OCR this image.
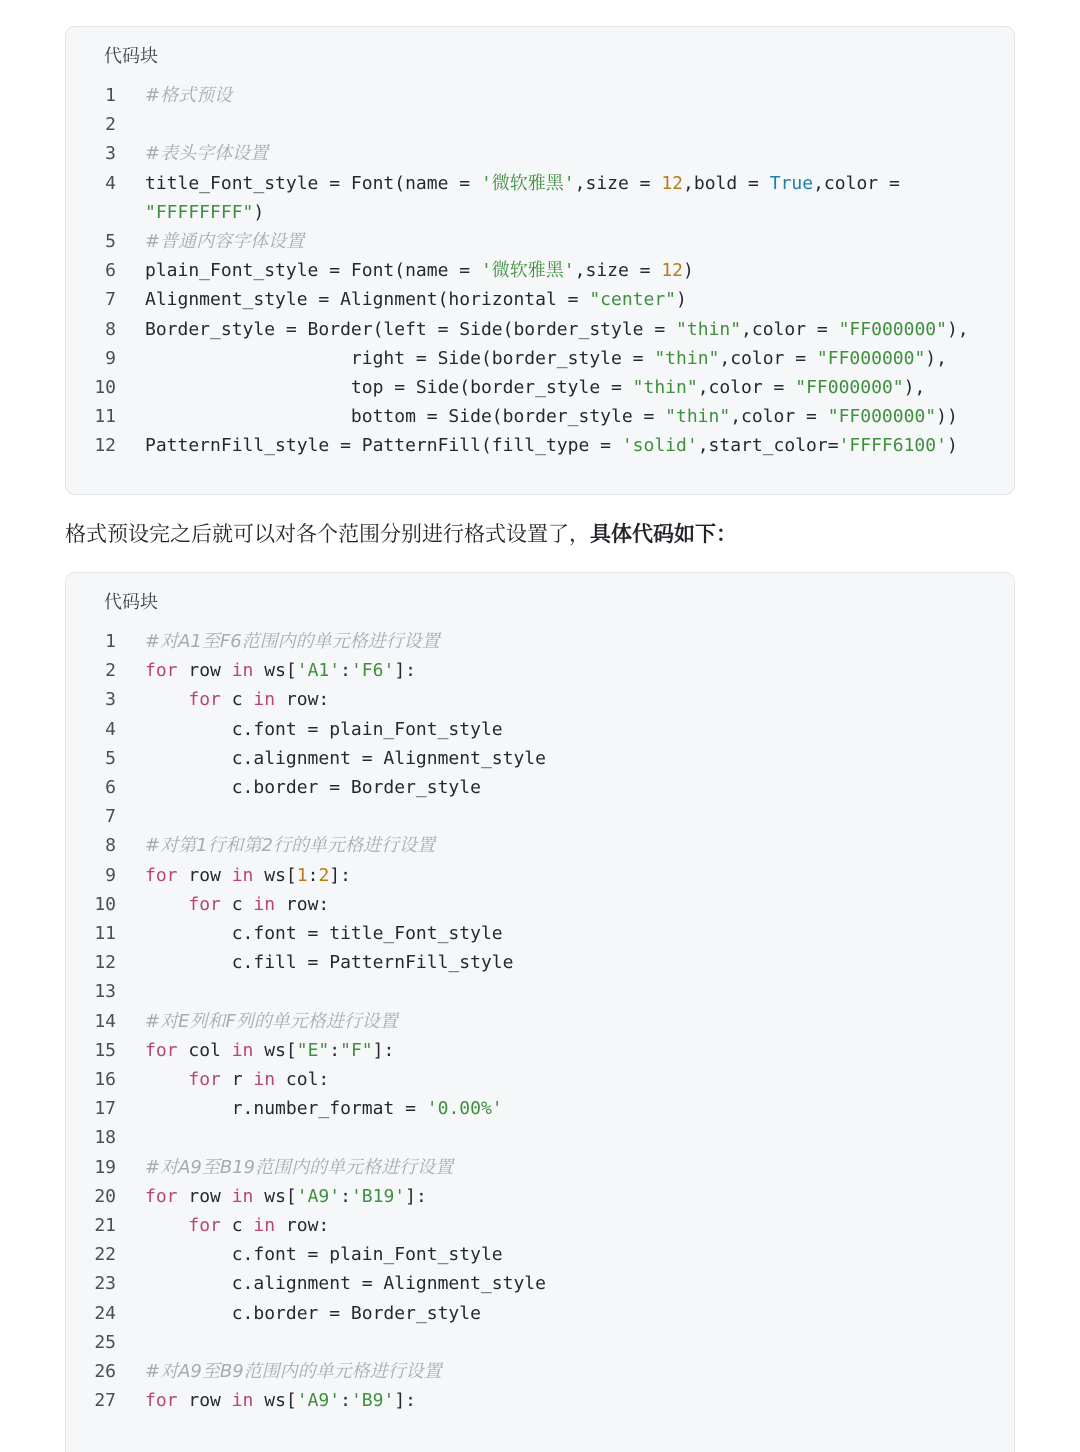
代码块
1 #格式预设
2
3 #表头字体设置
4 title_Font_style = Font(name = '微软雅黑',size = 12,bold = True,color =
"FFFFFFFF")
5 #普通内容字体设置
6 plain_Font_style = Font(name = '微软雅黑',size = 12)
7 Alignment_style = Alignment(horizontal = "center")
8 Border_style = Border(left = Side(border_style = "thin",color = "FF000000"),
9 right = Side(border_style = "thin",color = "FF000000"),
10 top = Side(border_style = "thin",color = "FF000000"),
11 bottom = Side(border_style = "thin",color = "FF000000"))
12 PatternFill_style = PatternFill(fill_type = 'solid',start_color='FFFF6100')
格式预设完之后就可以对各个范围分别进行格式设置了，具体代码如下：
代码块
1 #对A1至F6范围内的单元格进行设置
2 for row in ws['A1':'F6']:
3	for c in row:
4 c.font = plain_Font_style
5 c.alignment = Alignment_style
6 c.border = Border_style
7
8 #对第1行和第2行的单元格进行设置
9 for row in ws[1:2]:
10	for c in row:
11 c.font = title_Font_style
12 c.fill = PatternFill_style
13
14 #对E列和F列的单元格进行设置
15 for col in ws["E":"F"]:
16	for r in col:
17 r.number_format = '0.00%'
18
19 #对A9至B19范围内的单元格进行设置
20 for row in ws['A9':'B19']:
21	for c in row:
22 c.font = plain_Font_style
23 c.alignment = Alignment_style
24 c.border = Border_style
25
26 #对A9至B9范围内的单元格进行设置
27 for row in ws['A9':'B9']:
